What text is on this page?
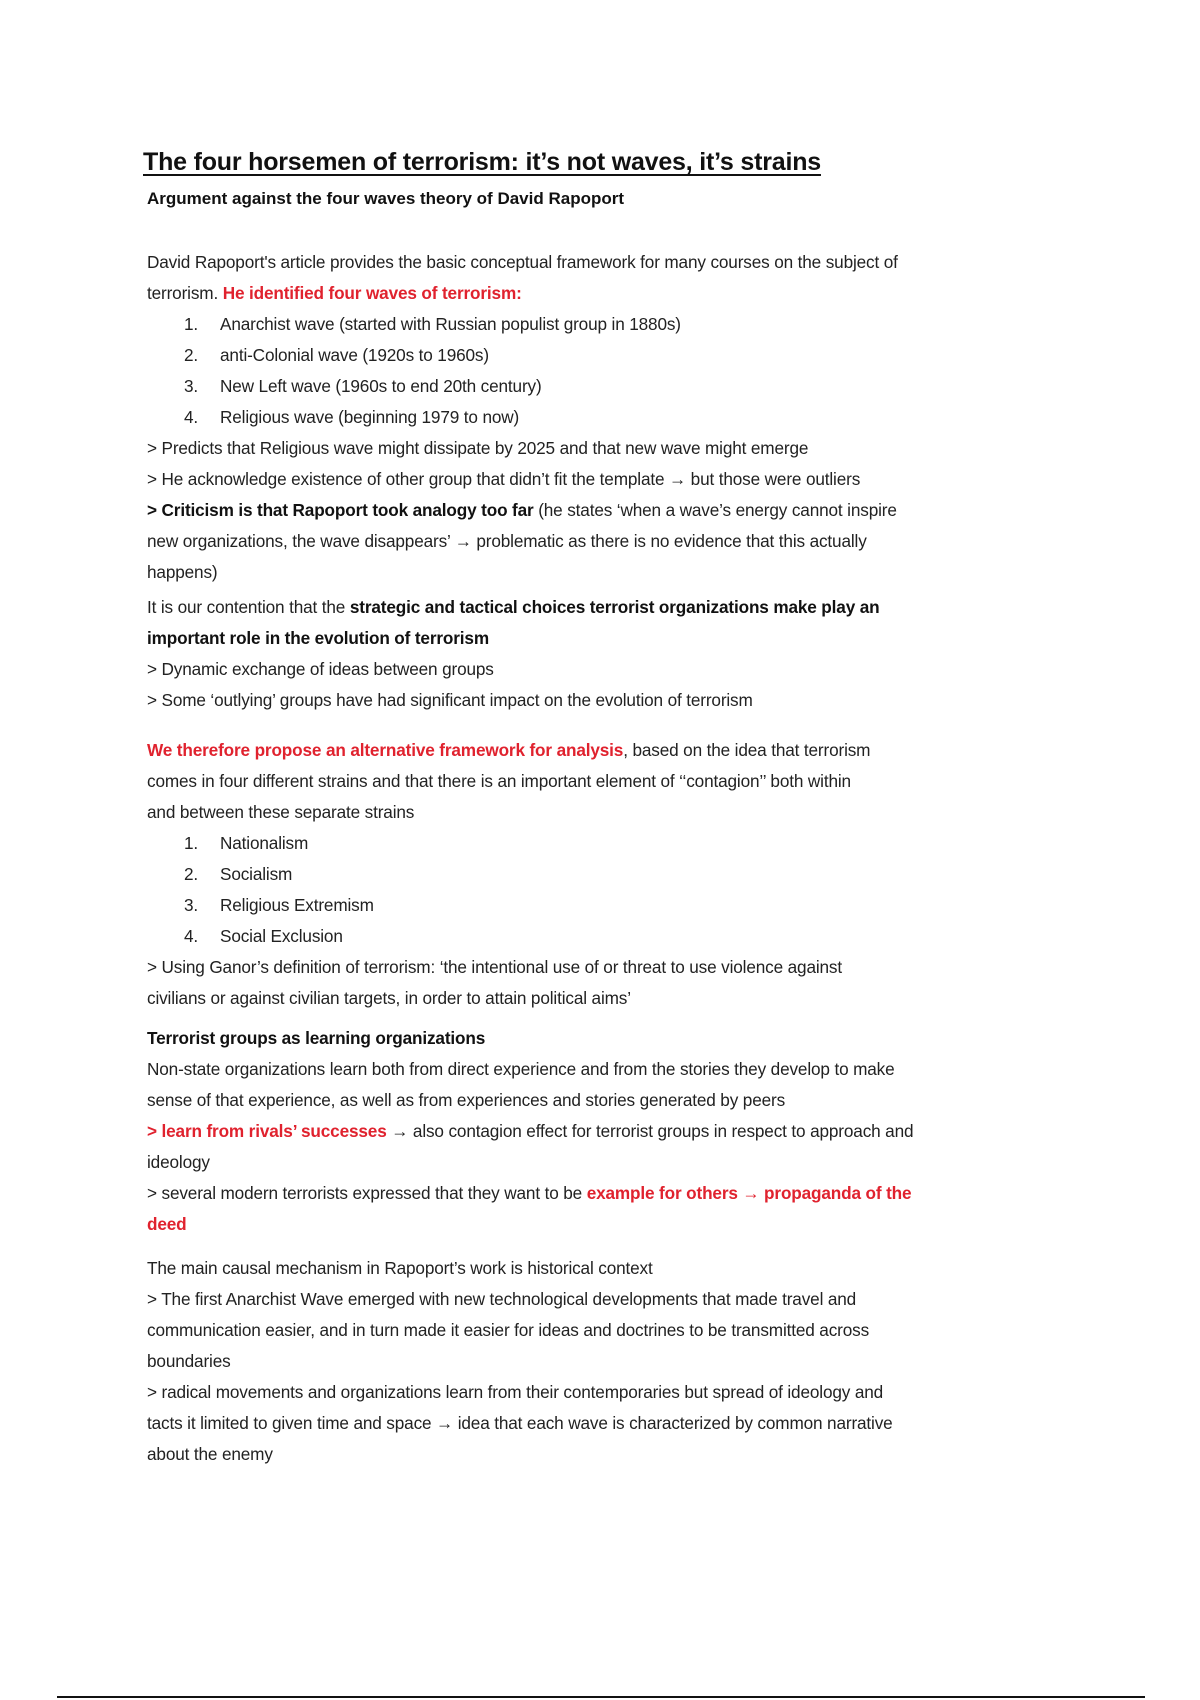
The four horsemen of terrorism: it’s not waves, it’s strains
Argument against the four waves theory of David Rapoport
David Rapoport's article provides the basic conceptual framework for many courses on the subject of
terrorism. He identified four waves of terrorism:
1. Anarchist wave (started with Russian populist group in 1880s)
2. anti-Colonial wave (1920s to 1960s)
3. New Left wave (1960s to end 20th century)
4. Religious wave (beginning 1979 to now)
> Predicts that Religious wave might dissipate by 2025 and that new wave might emerge
> He acknowledge existence of other group that didn’t fit the template → but those were outliers
> Criticism is that Rapoport took analogy too far (he states ‘when a wave’s energy cannot inspire
new organizations, the wave disappears’ → problematic as there is no evidence that this actually
happens)
It is our contention that the strategic and tactical choices terrorist organizations make play an
important role in the evolution of terrorism
> Dynamic exchange of ideas between groups
> Some ‘outlying’ groups have had significant impact on the evolution of terrorism
We therefore propose an alternative framework for analysis, based on the idea that terrorism
comes in four different strains and that there is an important element of ‘‘contagion’’ both within
and between these separate strains
1. Nationalism
2. Socialism
3. Religious Extremism
4. Social Exclusion
> Using Ganor’s definition of terrorism: ‘the intentional use of or threat to use violence against
civilians or against civilian targets, in order to attain political aims’
Terrorist groups as learning organizations
Non-state organizations learn both from direct experience and from the stories they develop to make
sense of that experience, as well as from experiences and stories generated by peers
> learn from rivals’ successes → also contagion effect for terrorist groups in respect to approach and
ideology
> several modern terrorists expressed that they want to be example for others → propaganda of the
deed
The main causal mechanism in Rapoport’s work is historical context
> The first Anarchist Wave emerged with new technological developments that made travel and
communication easier, and in turn made it easier for ideas and doctrines to be transmitted across
boundaries
> radical movements and organizations learn from their contemporaries but spread of ideology and
tacts it limited to given time and space → idea that each wave is characterized by common narrative
about the enemy
